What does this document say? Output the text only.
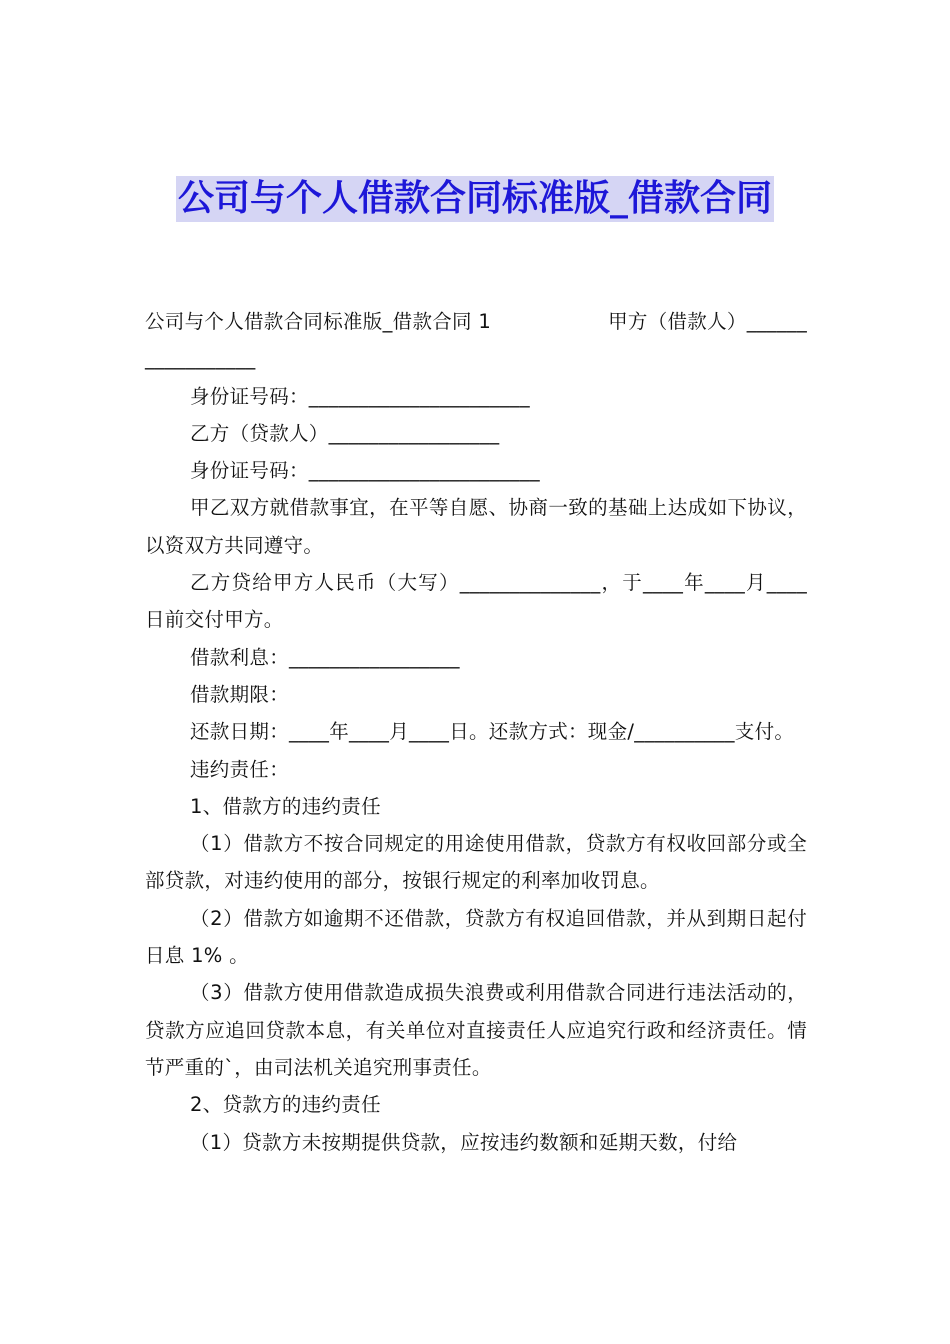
公司与个人借款合同标准版_借款合同
公司与个人借款合同标准版_借款合同 1	甲方（借款人）______
___________

身份证号码：______________________

乙方（贷款人）_________________

身份证号码：_______________________

甲乙双方就借款事宜，在平等自愿、协商一致的基础上达成如下协议，以资双方共同遵守。

乙方贷给甲方人民币（大写）______________，于____年____月____日前交付甲方。

借款利息：_________________

借款期限：

还款日期：____年____月____日。还款方式：现金/__________支付。

违约责任：

1、借款方的违约责任

（1）借款方不按合同规定的用途使用借款，贷款方有权收回部分或全部贷款，对违约使用的部分，按银行规定的利率加收罚息。

（2）借款方如逾期不还借款，贷款方有权追回借款，并从到期日起付日息 1% 。

（3）借款方使用借款造成损失浪费或利用借款合同进行违法活动的，贷款方应追回贷款本息，有关单位对直接责任人应追究行政和经济责任。情节严重的`，由司法机关追究刑事责任。

2、贷款方的违约责任

（1）贷款方未按期提供贷款，应按违约数额和延期天数，付给
